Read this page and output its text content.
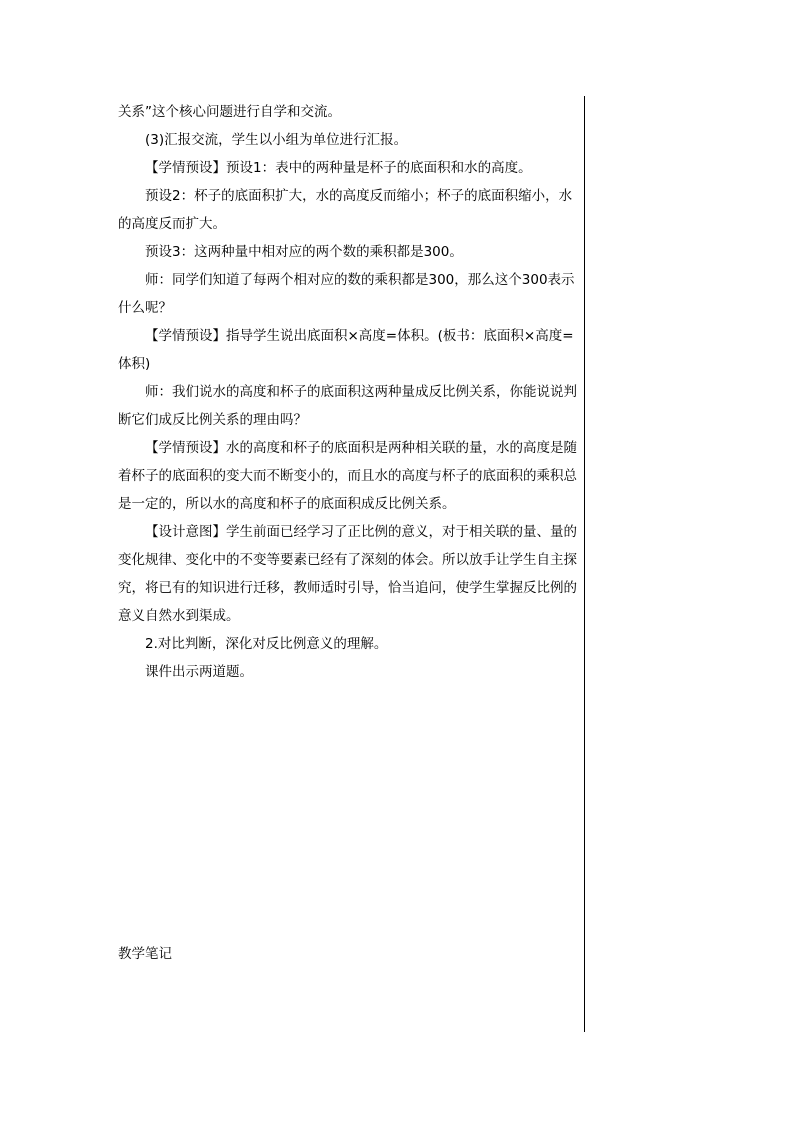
关系”这个核心问题进行自学和交流。

(3)汇报交流，学生以小组为单位进行汇报。

【学情预设】预设1：表中的两种量是杯子的底面积和水的高度。

预设2：杯子的底面积扩大，水的高度反而缩小；杯子的底面积缩小，水的高度反而扩大。

预设3：这两种量中相对应的两个数的乘积都是300。

师：同学们知道了每两个相对应的数的乘积都是300，那么这个300表示什么呢？

【学情预设】指导学生说出底面积×高度=体积。(板书：底面积×高度=体积)

师：我们说水的高度和杯子的底面积这两种量成反比例关系，你能说说判断它们成反比例关系的理由吗？

【学情预设】水的高度和杯子的底面积是两种相关联的量，水的高度是随着杯子的底面积的变大而不断变小的，而且水的高度与杯子的底面积的乘积总是一定的，所以水的高度和杯子的底面积成反比例关系。

【设计意图】学生前面已经学习了正比例的意义，对于相关联的量、量的变化规律、变化中的不变等要素已经有了深刻的体会。所以放手让学生自主探究，将已有的知识进行迁移，教师适时引导，恰当追问，使学生掌握反比例的意义自然水到渠成。

2.对比判断，深化对反比例意义的理解。

课件出示两道题。

教学笔记
